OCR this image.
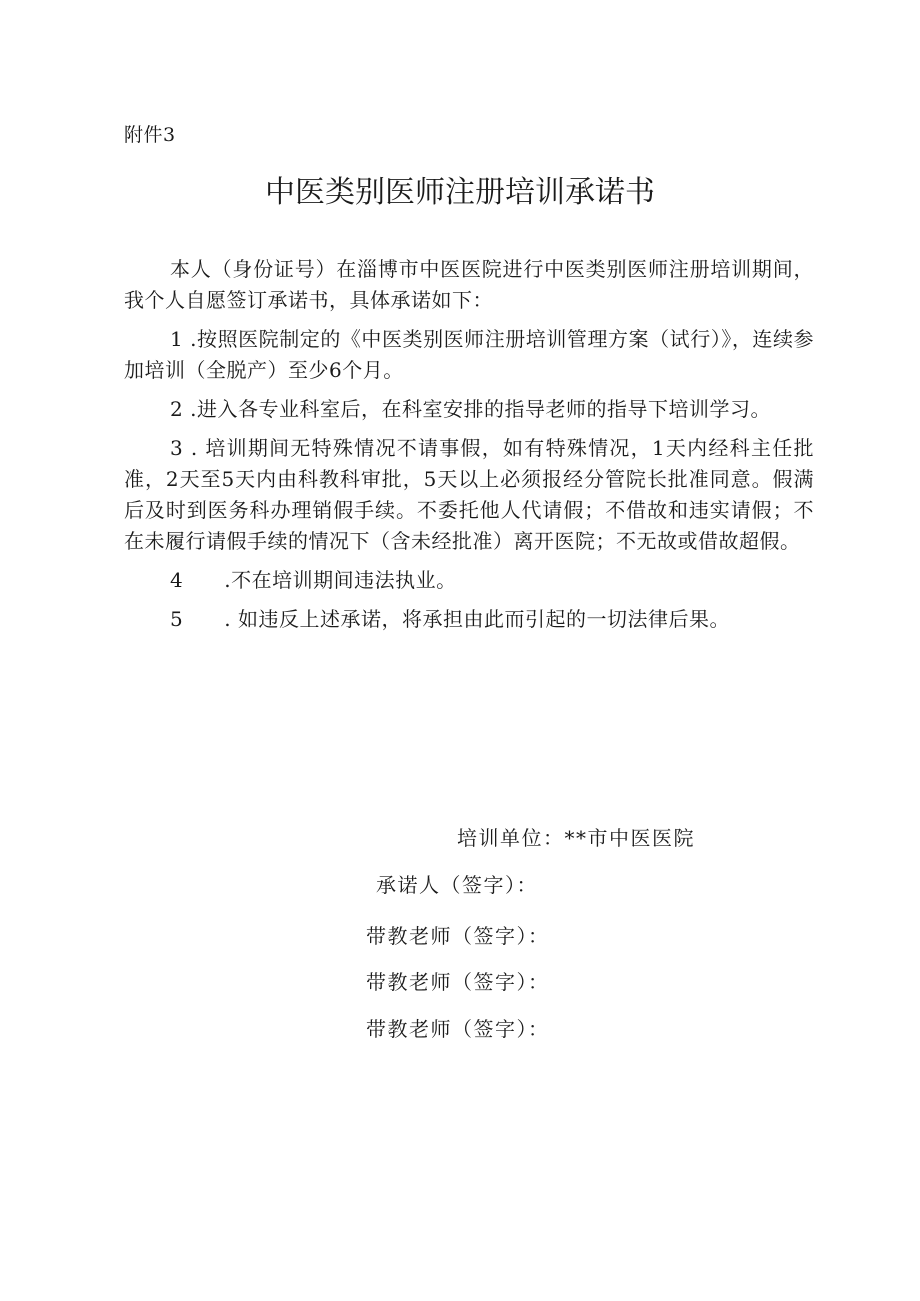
附件3
中医类别医师注册培训承诺书

本人（身份证号）在淄博市中医医院进行中医类别医师注册培训期间，我个人自愿签订承诺书，具体承诺如下：

1 .按照医院制定的《中医类别医师注册培训管理方案（试行）》，连续参加培训（全脱产）至少6个月。

2 .进入各专业科室后，在科室安排的指导老师的指导下培训学习。

3 . 培训期间无特殊情况不请事假，如有特殊情况，1天内经科主任批准，2天至5天内由科教科审批，5天以上必须报经分管院长批准同意。假满后及时到医务科办理销假手续。不委托他人代请假；不借故和违实请假；不在未履行请假手续的情况下（含未经批准）离开医院；不无故或借故超假。

4　　.不在培训期间违法执业。

5　　. 如违反上述承诺，将承担由此而引起的一切法律后果。

培训单位：**市中医医院
承诺人（签字）：
带教老师（签字）：
带教老师（签字）：
带教老师（签字）：
